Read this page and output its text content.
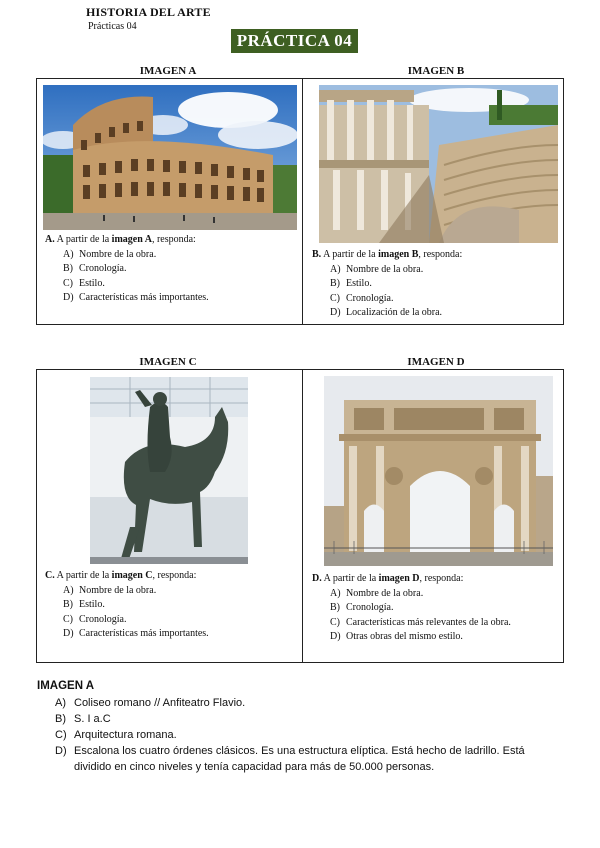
HISTORIA DEL ARTE
Prácticas 04
PRÁCTICA 04
IMAGEN A	IMAGEN B
A. A partir de la imagen A, responda:
A) Nombre de la obra.
B) Cronología.
C) Estilo.
D) Características más importantes.
B. A partir de la imagen B, responda:
A) Nombre de la obra.
B) Estilo.
C) Cronología.
D) Localización de la obra.
IMAGEN C	IMAGEN D
C. A partir de la imagen C, responda:
A) Nombre de la obra.
B) Estilo.
C) Cronología.
D) Características más importantes.
D. A partir de la imagen D, responda:
A) Nombre de la obra.
B) Cronología.
C) Características más relevantes de la obra.
D) Otras obras del mismo estilo.
IMAGEN A
A) Coliseo romano // Anfiteatro Flavio.
B) S. I a.C
C) Arquitectura romana.
D) Escalona los cuatro órdenes clásicos. Es una estructura elíptica. Está hecho de ladrillo. Está dividido en cinco niveles y tenía capacidad para más de 50.000 personas.
